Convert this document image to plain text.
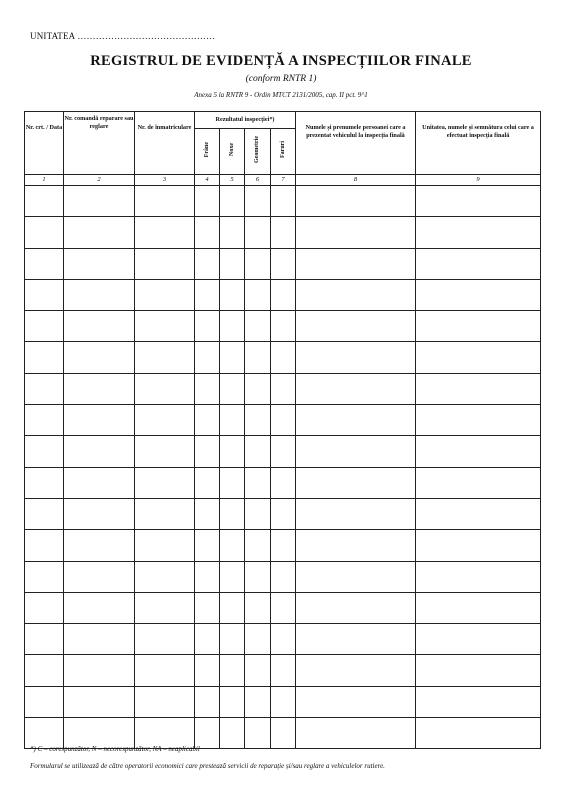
UNITATEA ………………………………………
REGISTRUL DE EVIDENȚĂ A INSPECȚIILOR FINALE
(conform RNTR 1)
Anexa 5 la RNTR 9 - Ordin MTCT 2131/2005, cap. II pct. 9^1
Nr. crt. / Data	Nr. comandă reparare sau reglare	Nr. de înmatriculare	Rezultatul inspecției*)				Numele și prenumele persoanei care a prezentat vehiculul la inspecția finală	Unitatea, numele și semnătura celui care a efectuat inspecția finală
			Frâne	Noxe	Geometrie	Faruri		
1	2	3	4	5	6	7	8	9

*) C – corespunzător, N – necorespunzător, NA – neaplicabil
Formularul se utilizează de către operatorii economici care prestează servicii de reparație și/sau reglare a vehiculelor rutiere.
